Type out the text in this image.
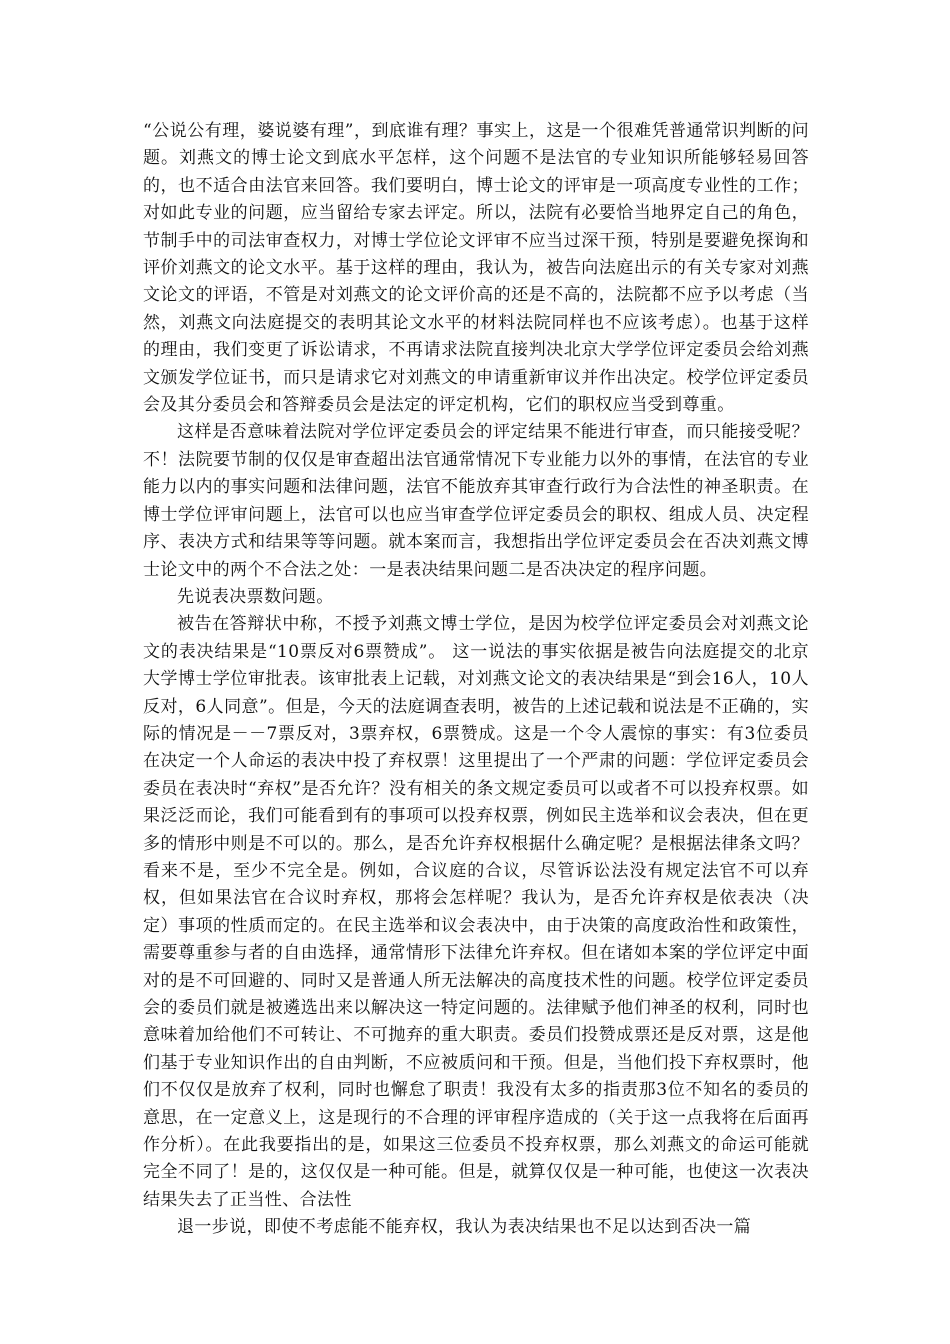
“公说公有理，婆说婆有理”，到底谁有理？事实上，这是一个很难凭普通常识判断的问题。刘燕文的博士论文到底水平怎样，这个问题不是法官的专业知识所能够轻易回答的，也不适合由法官来回答。我们要明白，博士论文的评审是一项高度专业性的工作；对如此专业的问题，应当留给专家去评定。所以，法院有必要恰当地界定自己的角色，节制手中的司法审查权力，对博士学位论文评审不应当过深干预，特别是要避免探询和评价刘燕文的论文水平。基于这样的理由，我认为，被告向法庭出示的有关专家对刘燕文论文的评语，不管是对刘燕文的论文评价高的还是不高的，法院都不应予以考虑（当然，刘燕文向法庭提交的表明其论文水平的材料法院同样也不应该考虑）。也基于这样的理由，我们变更了诉讼请求，不再请求法院直接判决北京大学学位评定委员会给刘燕文颁发学位证书，而只是请求它对刘燕文的申请重新审议并作出决定。校学位评定委员会及其分委员会和答辩委员会是法定的评定机构，它们的职权应当受到尊重。

这样是否意味着法院对学位评定委员会的评定结果不能进行审查，而只能接受呢？不！法院要节制的仅仅是审查超出法官通常情况下专业能力以外的事情，在法官的专业能力以内的事实问题和法律问题，法官不能放弃其审查行政行为合法性的神圣职责。在博士学位评审问题上，法官可以也应当审查学位评定委员会的职权、组成人员、决定程序、表决方式和结果等等问题。就本案而言，我想指出学位评定委员会在否决刘燕文博士论文中的两个不合法之处：一是表决结果问题二是否决决定的程序问题。

先说表决票数问题。

被告在答辩状中称，不授予刘燕文博士学位，是因为校学位评定委员会对刘燕文论文的表决结果是“10票反对6票赞成”。 这一说法的事实依据是被告向法庭提交的北京大学博士学位审批表。该审批表上记载，对刘燕文论文的表决结果是“到会16人，10人反对，6人同意”。但是，今天的法庭调查表明，被告的上述记载和说法是不正确的，实际的情况是－－7票反对，3票弃权，6票赞成。这是一个令人震惊的事实：有3位委员在决定一个人命运的表决中投了弃权票！这里提出了一个严肃的问题：学位评定委员会委员在表决时“弃权”是否允许？没有相关的条文规定委员可以或者不可以投弃权票。如果泛泛而论，我们可能看到有的事项可以投弃权票，例如民主选举和议会表决，但在更多的情形中则是不可以的。那么，是否允许弃权根据什么确定呢？是根据法律条文吗？看来不是，至少不完全是。例如，合议庭的合议，尽管诉讼法没有规定法官不可以弃权，但如果法官在合议时弃权，那将会怎样呢？我认为，是否允许弃权是依表决（决定）事项的性质而定的。在民主选举和议会表决中，由于决策的高度政治性和政策性，需要尊重参与者的自由选择，通常情形下法律允许弃权。但在诸如本案的学位评定中面对的是不可回避的、同时又是普通人所无法解决的高度技术性的问题。校学位评定委员会的委员们就是被遴选出来以解决这一特定问题的。法律赋予他们神圣的权利，同时也意味着加给他们不可转让、不可抛弃的重大职责。委员们投赞成票还是反对票，这是他们基于专业知识作出的自由判断，不应被质问和干预。但是，当他们投下弃权票时，他们不仅仅是放弃了权利，同时也懈怠了职责！我没有太多的指责那3位不知名的委员的意思，在一定意义上，这是现行的不合理的评审程序造成的（关于这一点我将在后面再作分析）。在此我要指出的是，如果这三位委员不投弃权票，那么刘燕文的命运可能就完全不同了！是的，这仅仅是一种可能。但是，就算仅仅是一种可能，也使这一次表决结果失去了正当性、合法性

退一步说，即使不考虑能不能弃权，我认为表决结果也不足以达到否决一篇
